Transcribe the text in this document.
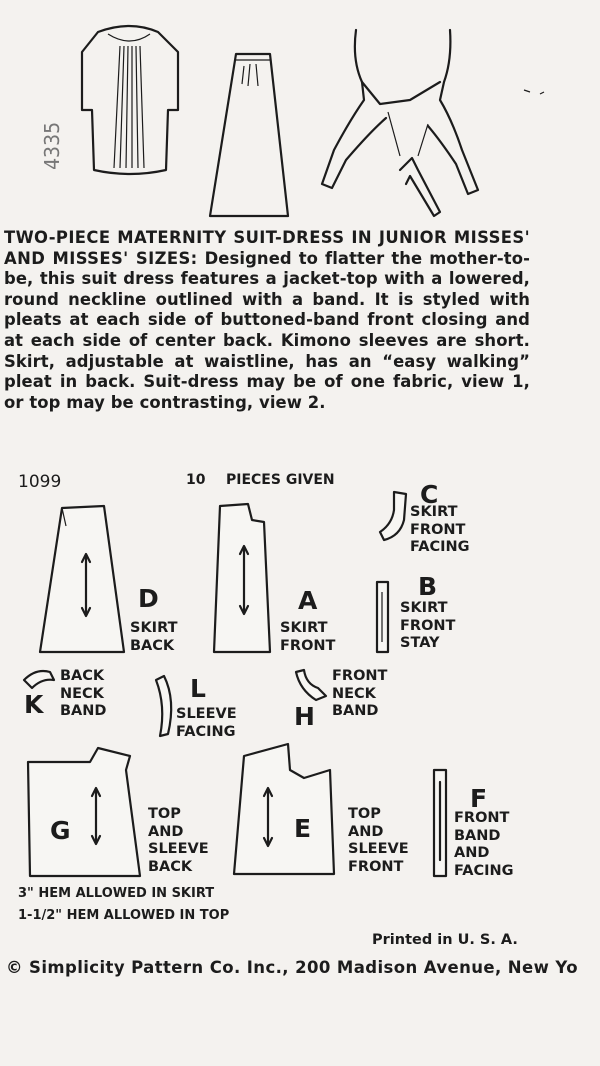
4335
TWO-PIECE MATERNITY SUIT-DRESS IN JUNIOR MISSES' AND MISSES' SIZES: Designed to flatter the mother-to-be, this suit dress features a jacket-top with a lowered, round neckline outlined with a band. It is styled with pleats at each side of buttoned-band front closing and at each side of center back. Kimono sleeves are short. Skirt, adjustable at waistline, has an “easy walking” pleat in back. Suit-dress may be of one fabric, view 1, or top may be contrasting, view 2.
1099	10 PIECES GIVEN	C
SKIRT
FRONT
FACING
D
SKIRT
BACK
A
SKIRT
FRONT
B
SKIRT
FRONT
STAY
BACK
NECK
BAND
K
L
SLEEVE
FACING
FRONT
NECK
BAND
H
G
TOP
AND
SLEEVE
BACK
E	TOP
AND
SLEEVE
FRONT
F
FRONT
BAND
AND
FACING
3" HEM ALLOWED IN SKIRT
1-1/2" HEM ALLOWED IN TOP
Printed in U. S. A.
© Simplicity Pattern Co. Inc., 200 Madison Avenue, New Yo
